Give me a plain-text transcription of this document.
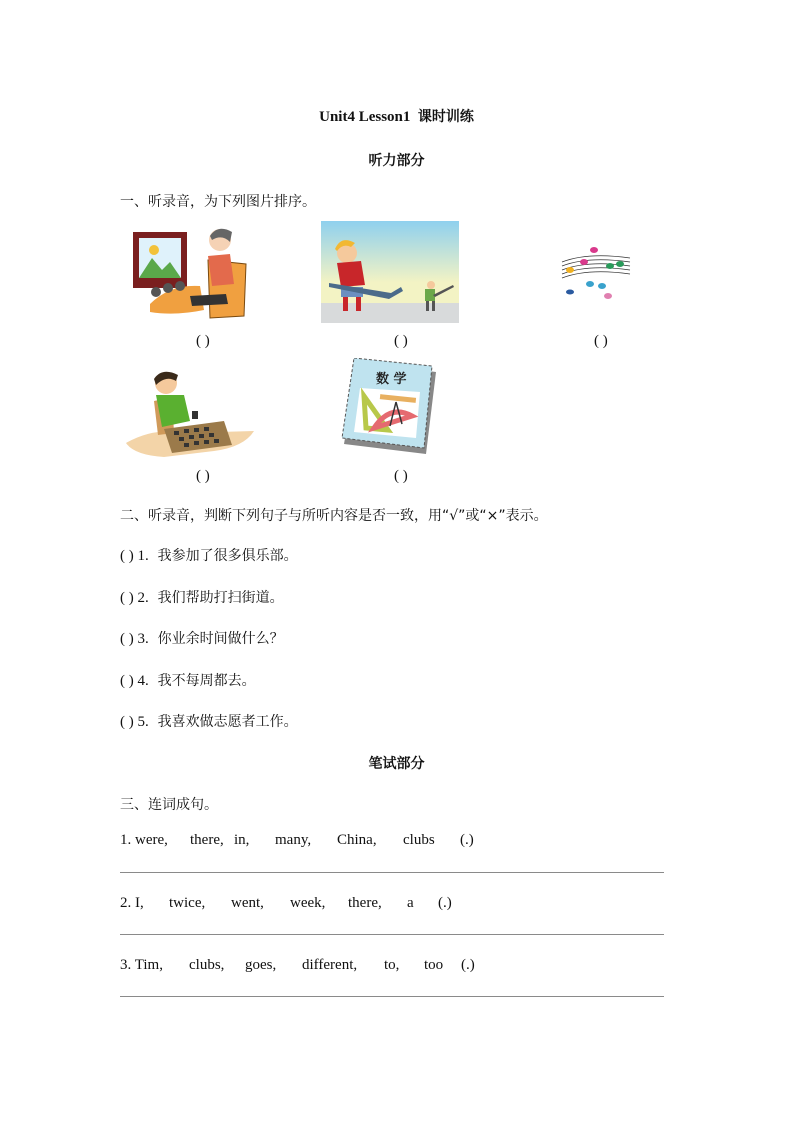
Unit4 Lesson1 课时训练
听力部分
一、听录音，为下列图片排序。
( )	( )	( )
( )
数 学
( )
二、听录音，判断下列句子与所听内容是否一致，用“√”或“×”表示。
( ) 1. 我参加了很多俱乐部。
( ) 2. 我们帮助打扫街道。
( ) 3. 你业余时间做什么？
( ) 4. 我不每周都去。
( ) 5. 我喜欢做志愿者工作。
笔试部分
三、连词成句。
1. were, there, in, many, China, clubs (.)
2. I, twice, went, week, there, a (.)
3. Tim, clubs, goes, different, to, too (.)
